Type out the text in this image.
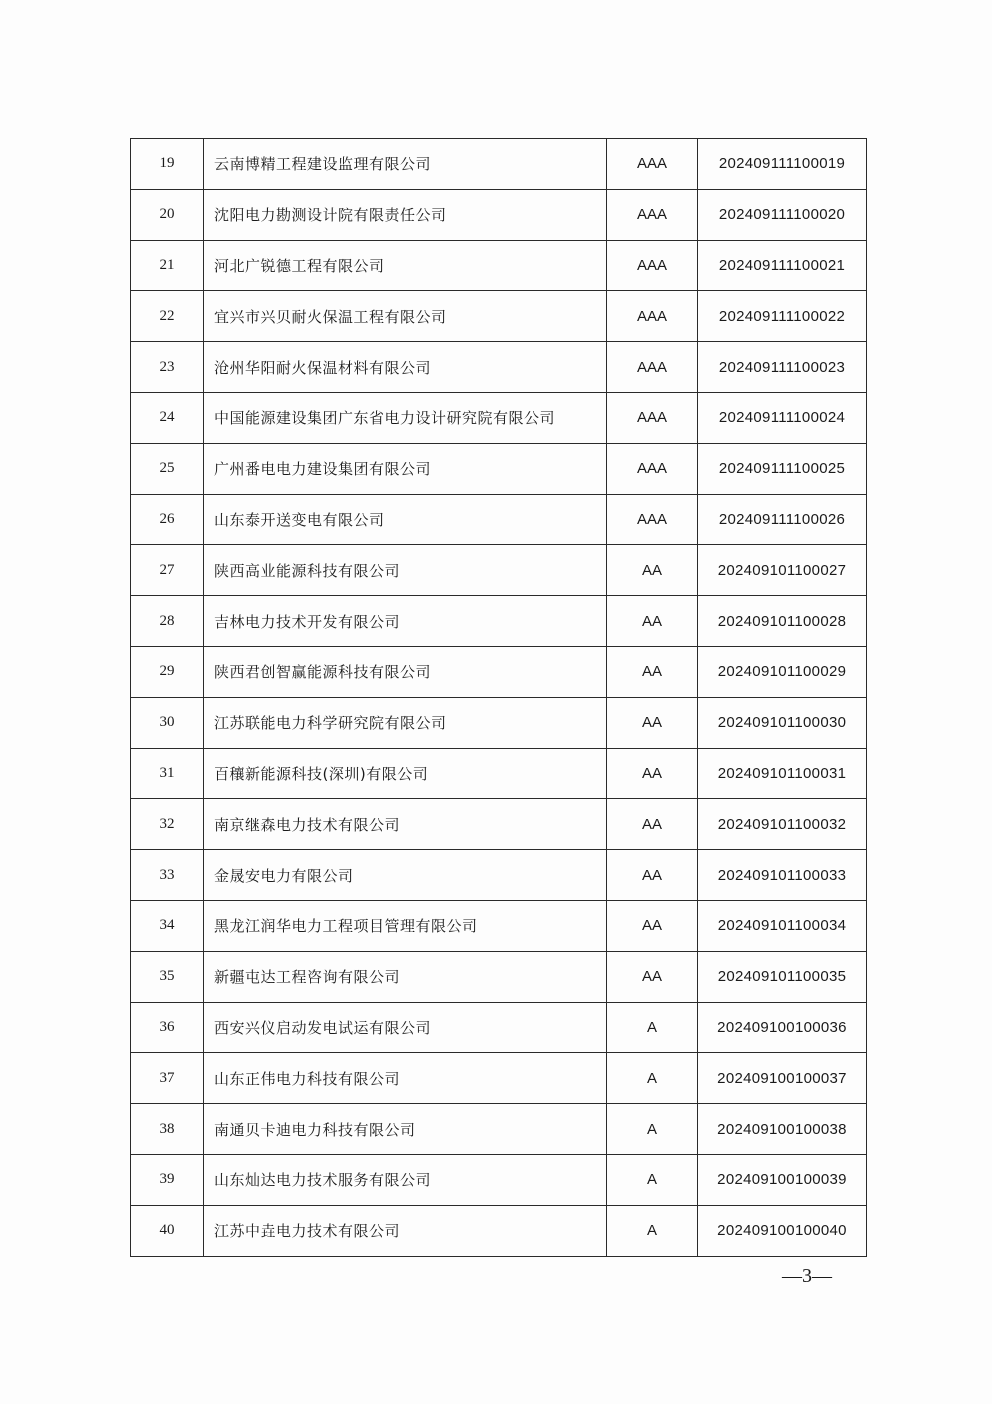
19	云南博精工程建设监理有限公司	AAA	202409111100019
20	沈阳电力勘测设计院有限责任公司	AAA	202409111100020
21	河北广锐德工程有限公司	AAA	202409111100021
22	宜兴市兴贝耐火保温工程有限公司	AAA	202409111100022
23	沧州华阳耐火保温材料有限公司	AAA	202409111100023
24	中国能源建设集团广东省电力设计研究院有限公司	AAA	202409111100024
25	广州番电电力建设集团有限公司	AAA	202409111100025
26	山东泰开送变电有限公司	AAA	202409111100026
27	陕西高业能源科技有限公司	AA	202409101100027
28	吉林电力技术开发有限公司	AA	202409101100028
29	陕西君创智赢能源科技有限公司	AA	202409101100029
30	江苏联能电力科学研究院有限公司	AA	202409101100030
31	百穰新能源科技(深圳)有限公司	AA	202409101100031
32	南京继森电力技术有限公司	AA	202409101100032
33	金晟安电力有限公司	AA	202409101100033
34	黑龙江润华电力工程项目管理有限公司	AA	202409101100034
35	新疆屯达工程咨询有限公司	AA	202409101100035
36	西安兴仪启动发电试运有限公司	A	202409100100036
37	山东正伟电力科技有限公司	A	202409100100037
38	南通贝卡迪电力科技有限公司	A	202409100100038
39	山东灿达电力技术服务有限公司	A	202409100100039
40	江苏中垚电力技术有限公司	A	202409100100040
—3—
